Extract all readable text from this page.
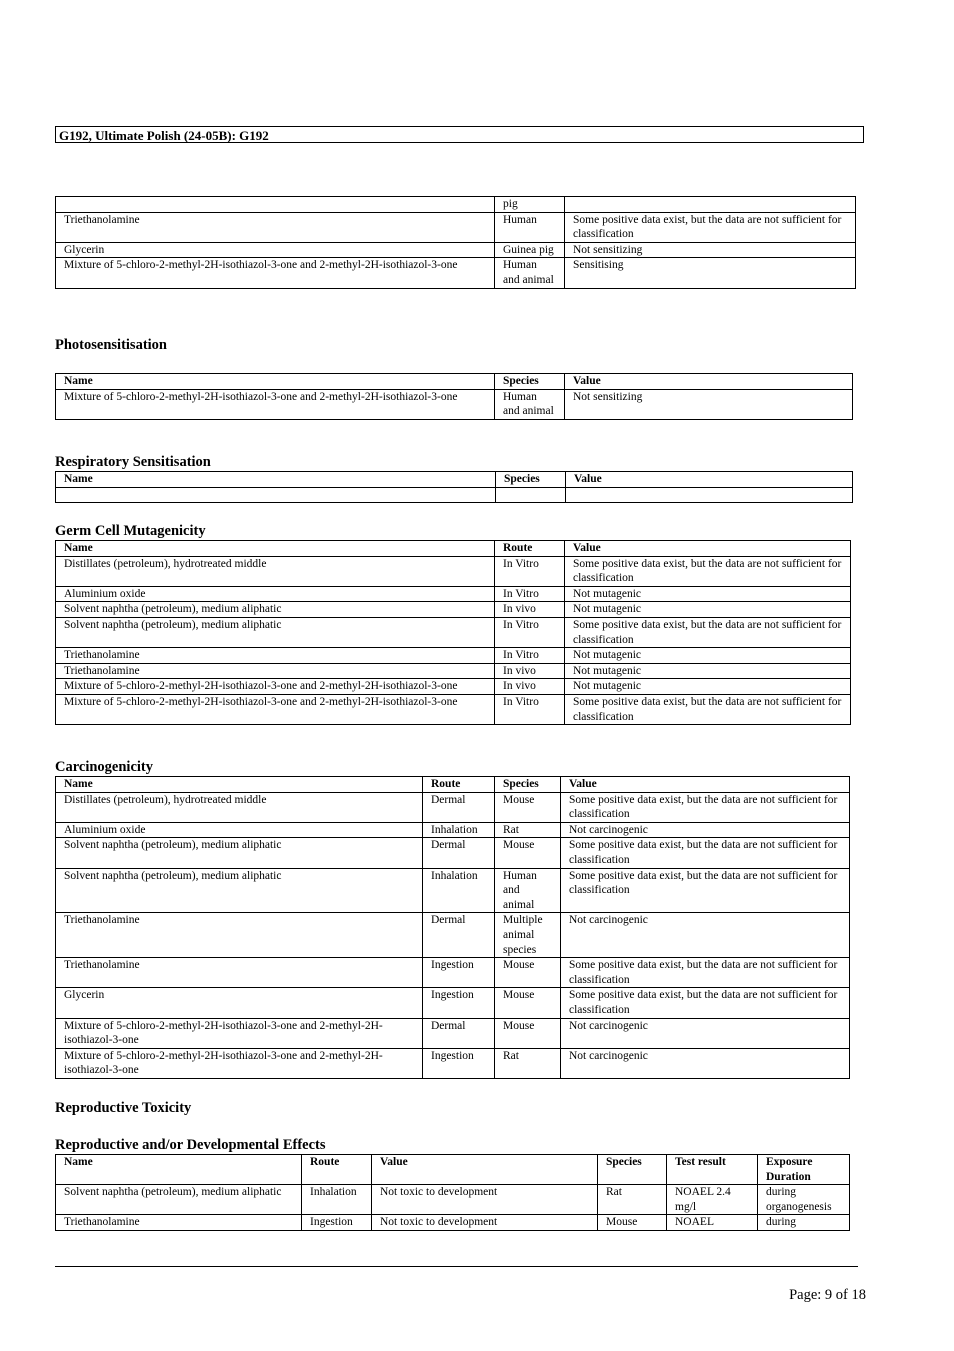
G192, Ultimate Polish (24-05B): G192
	pig	
Triethanolamine	Human	Some positive data exist, but the data are not sufficient for classification
Glycerin	Guinea pig	Not sensitizing
Mixture of 5-chloro-2-methyl-2H-isothiazol-3-one and 2-methyl-2H-isothiazol-3-one	Human and animal	Sensitising
Photosensitisation
Name	Species	Value
Mixture of 5-chloro-2-methyl-2H-isothiazol-3-one and 2-methyl-2H-isothiazol-3-one	Human and animal	Not sensitizing
Respiratory Sensitisation
Name	Species	Value

Germ Cell Mutagenicity
Name	Route	Value
Distillates (petroleum), hydrotreated middle	In Vitro	Some positive data exist, but the data are not sufficient for classification
Aluminium oxide	In Vitro	Not mutagenic
Solvent naphtha (petroleum), medium aliphatic	In vivo	Not mutagenic
Solvent naphtha (petroleum), medium aliphatic	In Vitro	Some positive data exist, but the data are not sufficient for classification
Triethanolamine	In Vitro	Not mutagenic
Triethanolamine	In vivo	Not mutagenic
Mixture of 5-chloro-2-methyl-2H-isothiazol-3-one and 2-methyl-2H-isothiazol-3-one	In vivo	Not mutagenic
Mixture of 5-chloro-2-methyl-2H-isothiazol-3-one and 2-methyl-2H-isothiazol-3-one	In Vitro	Some positive data exist, but the data are not sufficient for classification
Carcinogenicity
Name	Route	Species	Value
Distillates (petroleum), hydrotreated middle	Dermal	Mouse	Some positive data exist, but the data are not sufficient for classification
Aluminium oxide	Inhalation	Rat	Not carcinogenic
Solvent naphtha (petroleum), medium aliphatic	Dermal	Mouse	Some positive data exist, but the data are not sufficient for classification
Solvent naphtha (petroleum), medium aliphatic	Inhalation	Human and animal	Some positive data exist, but the data are not sufficient for classification
Triethanolamine	Dermal	Multiple animal species	Not carcinogenic
Triethanolamine	Ingestion	Mouse	Some positive data exist, but the data are not sufficient for classification
Glycerin	Ingestion	Mouse	Some positive data exist, but the data are not sufficient for classification
Mixture of 5-chloro-2-methyl-2H-isothiazol-3-one and 2-methyl-2H-isothiazol-3-one	Dermal	Mouse	Not carcinogenic
Mixture of 5-chloro-2-methyl-2H-isothiazol-3-one and 2-methyl-2H-isothiazol-3-one	Ingestion	Rat	Not carcinogenic
Reproductive Toxicity
Reproductive and/or Developmental Effects
Name	Route	Value	Species	Test result	Exposure Duration
Solvent naphtha (petroleum), medium aliphatic	Inhalation	Not toxic to development	Rat	NOAEL 2.4 mg/l	during organogenesis
Triethanolamine	Ingestion	Not toxic to development	Mouse	NOAEL	during
Page: 9 of 18
